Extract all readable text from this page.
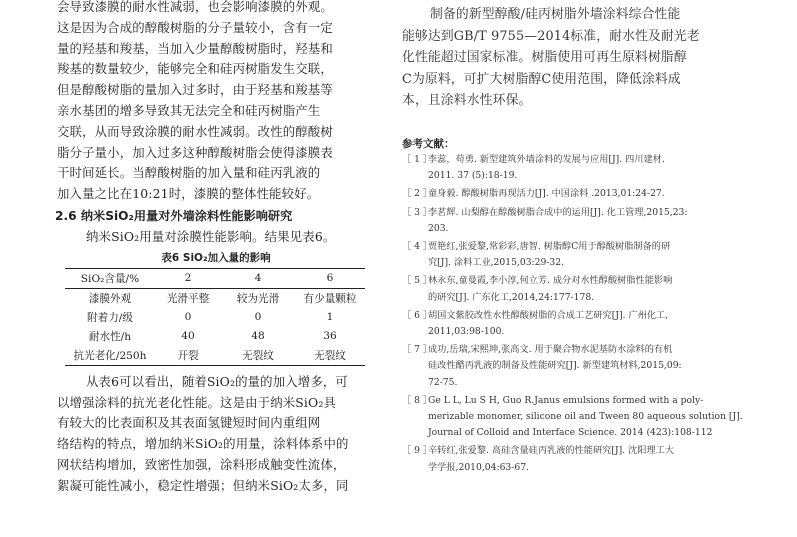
会导致漆膜的耐水性减弱，也会影响漆膜的外观。
这是因为合成的醇酸树脂的分子量较小，含有一定
量的羟基和羧基，当加入少量醇酸树脂时，羟基和
羧基的数量较少，能够完全和硅丙树脂发生交联，
但是醇酸树脂的量加入过多时，由于羟基和羧基等
亲水基团的增多导致其无法完全和硅丙树脂产生
交联，从而导致涂膜的耐水性减弱。改性的醇酸树
脂分子量小，加入过多这种醇酸树脂会使得漆膜表
干时间延长。当醇酸树脂的加入量和硅丙乳液的
加入量之比在10:21时，漆膜的整体性能较好。
2.6 纳米SiO₂用量对外墙涂料性能影响研究
纳米SiO₂用量对涂膜性能影响。结果见表6。
表6 SiO₂加入量的影响
SiO₂含量/%	2	4	6
漆膜外观	光滑平整	较为光滑	有少量颗粒
附着力/级	0	0	1
耐水性/h	40	48	36
抗光老化/250h	开裂	无裂纹	无裂纹
从表6可以看出，随着SiO₂的量的加入增多，可
以增强涂料的抗光老化性能。这是由于纳米SiO₂具
有较大的比表面积及其表面氢键短时间内重组网
络结构的特点，增加纳米SiO₂的用量，涂料体系中的
网状结构增加，致密性加强，涂料形成触变性流体，
絮凝可能性减小，稳定性增强；但纳米SiO₂太多，同
制备的新型醇酸/硅丙树脂外墙涂料综合性能
能够达到GB/T 9755—2014标准，耐水性及耐光老
化性能超过国家标准。树脂使用可再生原料树脂醇
C为原料，可扩大树脂醇C使用范围，降低涂料成
本，且涂料水性环保。
参考文献：
［ 1 ］
李蕊，苟勇. 新型建筑外墙涂料的发展与应用[J]. 四川建材.
2011. 37 (5):18-19.
［ 2 ］
童身毅. 醇酸树脂再现活力[J]. 中国涂料 .2013,01:24-27.
［ 3 ］
李茗辉. 山梨醇在醇酸树脂合成中的运用[J]. 化工管理,2015,23:
203.
［ 4 ］
贾艳红,张爱黎,常彩彩,唐智. 树脂醇C用于醇酸树脂制备的研
究[J]. 涂料工业,2015,03:29-32.
［ 5 ］
林永东,童曼霞,李小淳,何立芳. 成分对水性醇酸树脂性能影响
的研究[J]. 广东化工,2014,24:177-178.
［ 6 ］
胡国文紫胶改性水性醇酸树脂的合成工艺研究[J]. 广州化工,
2011,03:98-100.
［ 7 ］
成功,岳瑞,宋熙坤,张高文. 用于聚合物水泥基防水涂料的有机
硅改性醋丙乳液的制备及性能研究[J]. 新型建筑材料,2015,09:
72-75.
［ 8 ］
Ge L L, Lu S H, Guo R.Janus emulsions formed with a poly-
merizable monomer, silicone oil and Tween 80 aqueous solution [J].
Journal of Colloid and Interface Science. 2014 (423):108-112
［ 9 ］
辛转红,张爱黎. 高硅含量硅丙乳液的性能研究[J]. 沈阳理工大
学学报,2010,04:63-67.
